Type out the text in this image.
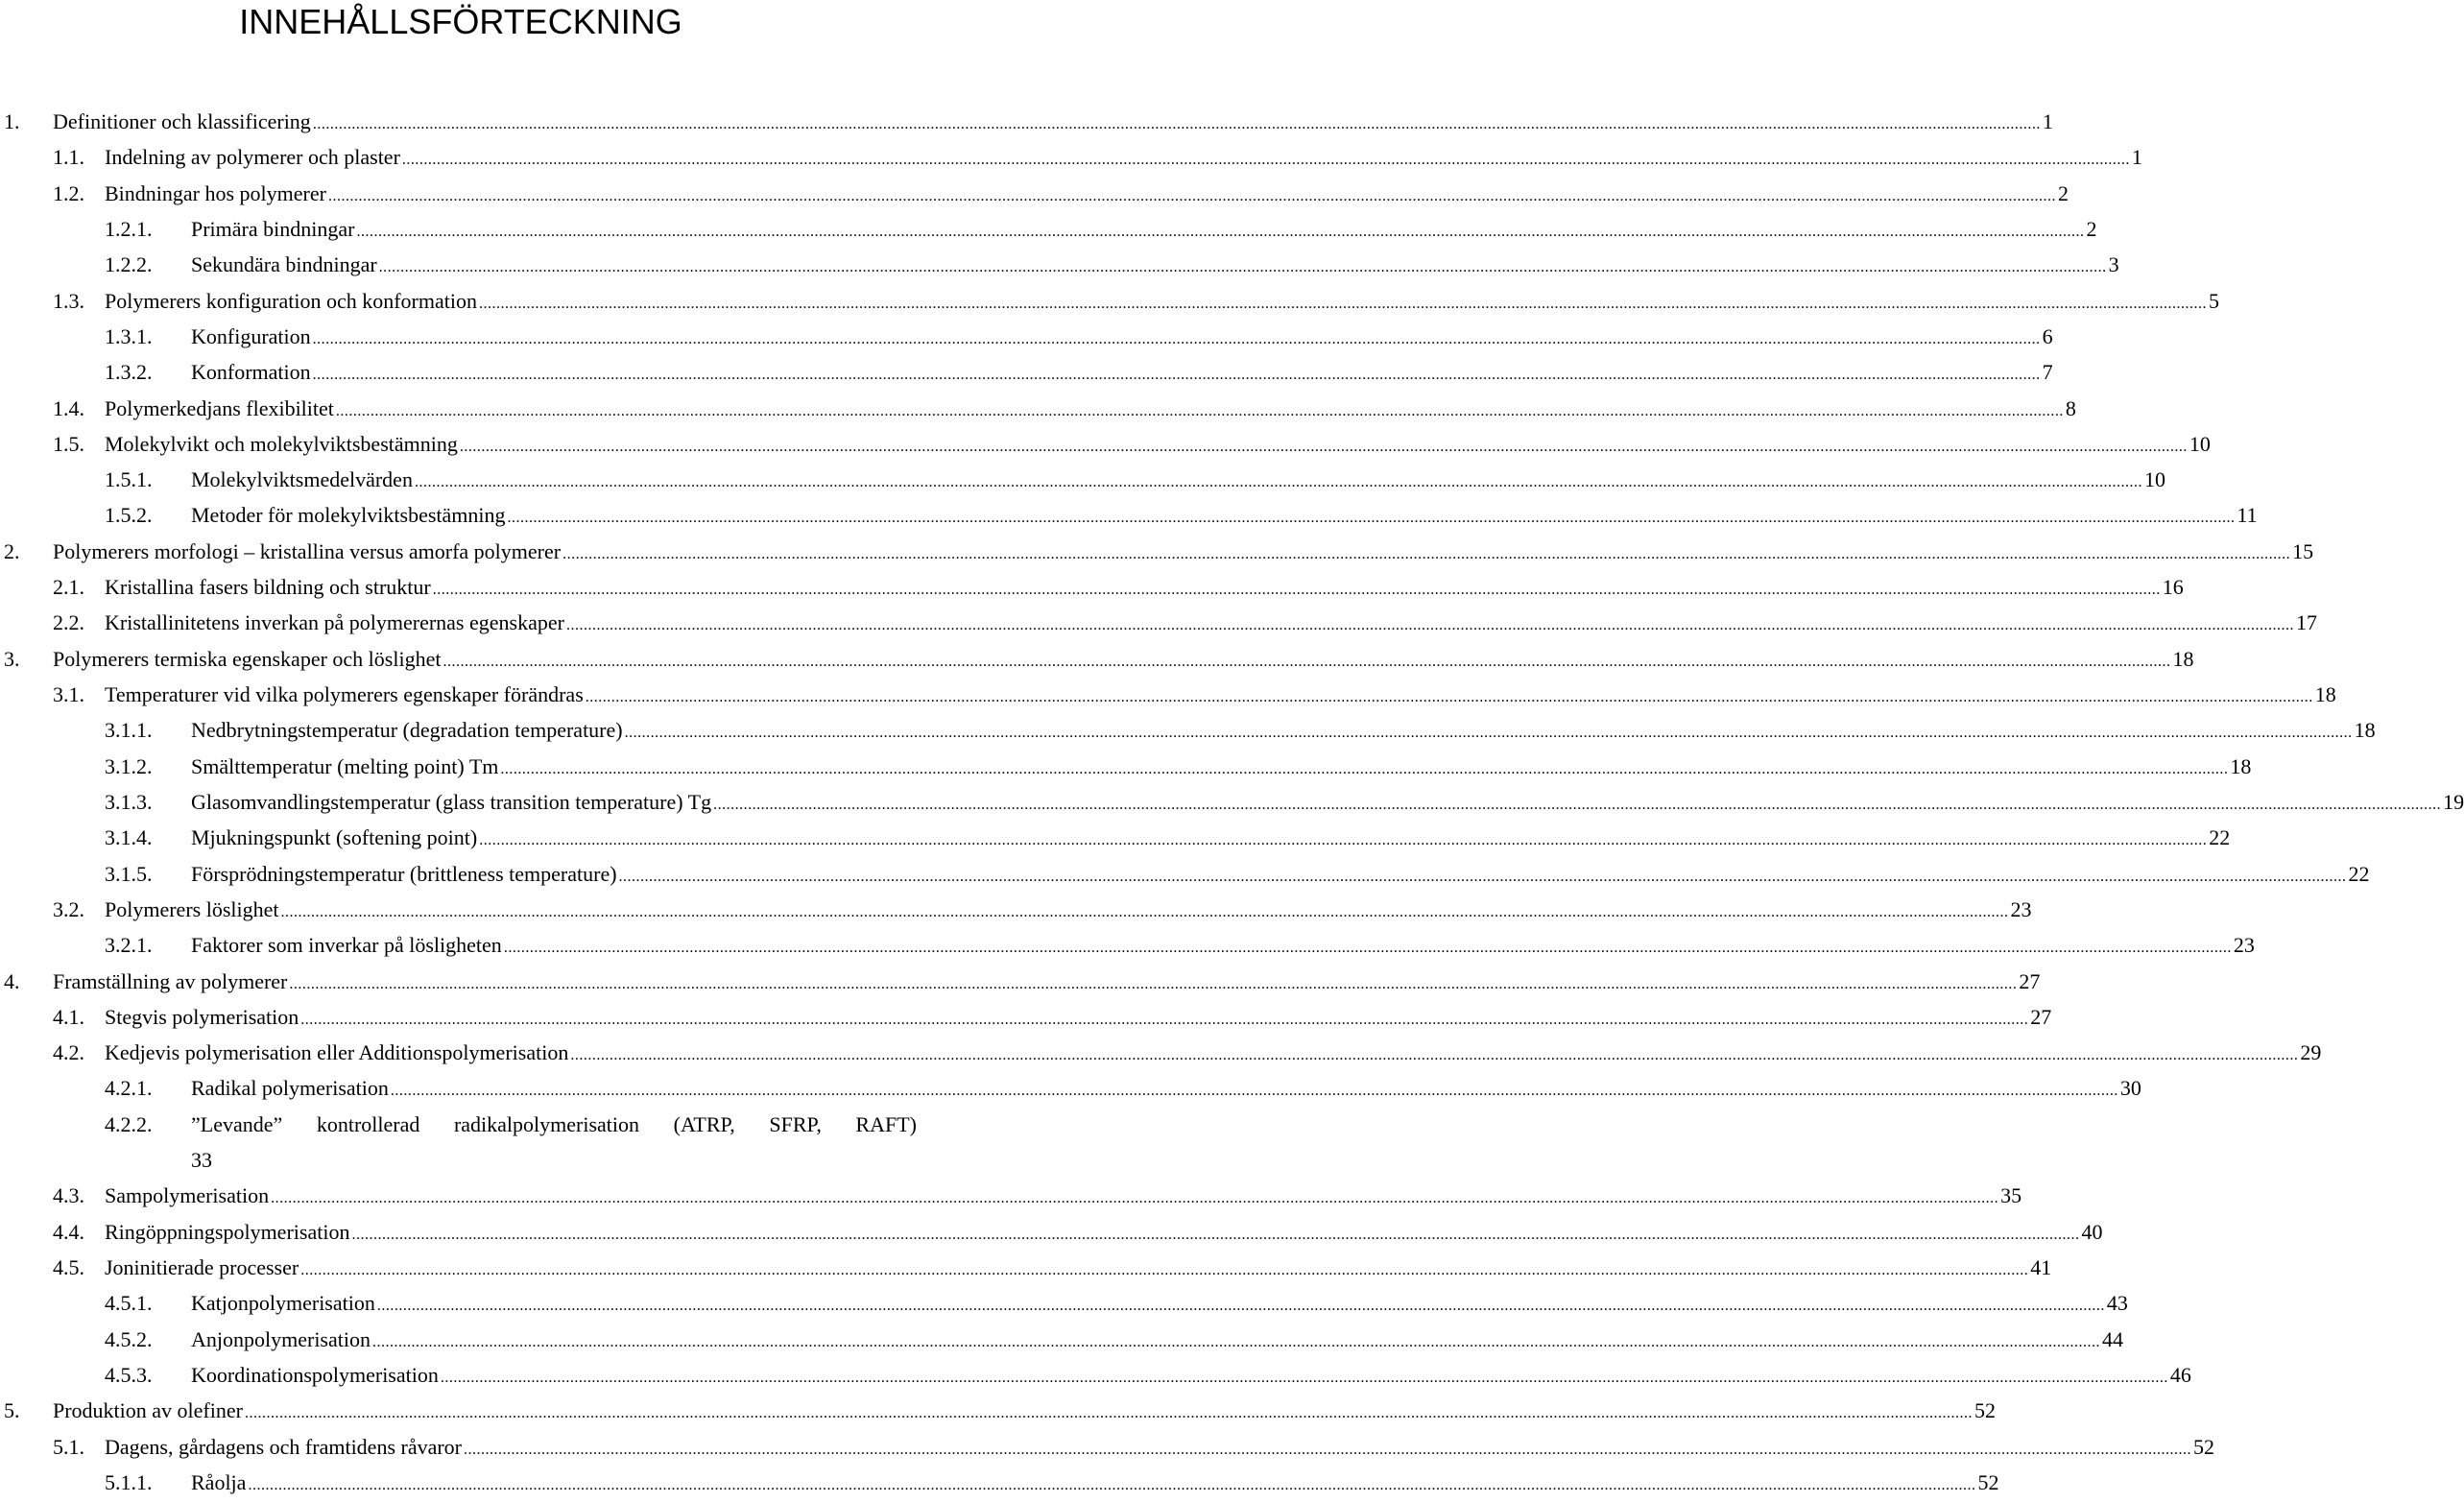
INNEHÅLLSFÖRTECKNING
1. Definitioner och klassificering ................................................................................................................................................................................................................................................................................................................................................................................................................ 1
1.1. Indelning av polymerer och plaster ................................................................................................................................................................................................................................................................................................................................................................................................................ 1
1.2. Bindningar hos polymerer ................................................................................................................................................................................................................................................................................................................................................................................................................ 2
1.2.1. Primära bindningar ................................................................................................................................................................................................................................................................................................................................................................................................................ 2
1.2.2. Sekundära bindningar ................................................................................................................................................................................................................................................................................................................................................................................................................ 3
1.3. Polymerers konfiguration och konformation ................................................................................................................................................................................................................................................................................................................................................................................................................ 5
1.3.1. Konfiguration ................................................................................................................................................................................................................................................................................................................................................................................................................ 6
1.3.2. Konformation ................................................................................................................................................................................................................................................................................................................................................................................................................ 7
1.4. Polymerkedjans flexibilitet ................................................................................................................................................................................................................................................................................................................................................................................................................ 8
1.5. Molekylvikt och molekylviktsbestämning ................................................................................................................................................................................................................................................................................................................................................................................................................ 10
1.5.1. Molekylviktsmedelvärden ................................................................................................................................................................................................................................................................................................................................................................................................................ 10
1.5.2. Metoder för molekylviktsbestämning ................................................................................................................................................................................................................................................................................................................................................................................................................ 11
2. Polymerers morfologi – kristallina versus amorfa polymerer ................................................................................................................................................................................................................................................................................................................................................................................................................ 15
2.1. Kristallina fasers bildning och struktur ................................................................................................................................................................................................................................................................................................................................................................................................................ 16
2.2. Kristallinitetens inverkan på polymerernas egenskaper ................................................................................................................................................................................................................................................................................................................................................................................................................ 17
3. Polymerers termiska egenskaper och löslighet ................................................................................................................................................................................................................................................................................................................................................................................................................ 18
3.1. Temperaturer vid vilka polymerers egenskaper förändras ................................................................................................................................................................................................................................................................................................................................................................................................................ 18
3.1.1. Nedbrytningstemperatur (degradation temperature) ................................................................................................................................................................................................................................................................................................................................................................................................................ 18
3.1.2. Smälttemperatur (melting point) Tm ................................................................................................................................................................................................................................................................................................................................................................................................................ 18
3.1.3. Glasomvandlingstemperatur (glass transition temperature) Tg ................................................................................................................................................................................................................................................................................................................................................................................................................ 19
3.1.4. Mjukningspunkt (softening point) ................................................................................................................................................................................................................................................................................................................................................................................................................ 22
3.1.5. Försprödningstemperatur (brittleness temperature) ................................................................................................................................................................................................................................................................................................................................................................................................................ 22
3.2. Polymerers löslighet ................................................................................................................................................................................................................................................................................................................................................................................................................ 23
3.2.1. Faktorer som inverkar på lösligheten ................................................................................................................................................................................................................................................................................................................................................................................................................ 23
4. Framställning av polymerer ................................................................................................................................................................................................................................................................................................................................................................................................................ 27
4.1. Stegvis polymerisation ................................................................................................................................................................................................................................................................................................................................................................................................................ 27
4.2. Kedjevis polymerisation eller Additionspolymerisation ................................................................................................................................................................................................................................................................................................................................................................................................................ 29
4.2.1. Radikal polymerisation ................................................................................................................................................................................................................................................................................................................................................................................................................ 30
4.2.2. ”Levande” kontrollerad radikalpolymerisation (ATRP, SFRP, RAFT)
33
4.3. Sampolymerisation ................................................................................................................................................................................................................................................................................................................................................................................................................ 35
4.4. Ringöppningspolymerisation ................................................................................................................................................................................................................................................................................................................................................................................................................ 40
4.5. Joninitierade processer ................................................................................................................................................................................................................................................................................................................................................................................................................ 41
4.5.1. Katjonpolymerisation ................................................................................................................................................................................................................................................................................................................................................................................................................ 43
4.5.2. Anjonpolymerisation ................................................................................................................................................................................................................................................................................................................................................................................................................ 44
4.5.3. Koordinationspolymerisation ................................................................................................................................................................................................................................................................................................................................................................................................................ 46
5. Produktion av olefiner ................................................................................................................................................................................................................................................................................................................................................................................................................ 52
5.1. Dagens, gårdagens och framtidens råvaror ................................................................................................................................................................................................................................................................................................................................................................................................................ 52
5.1.1. Råolja ................................................................................................................................................................................................................................................................................................................................................................................................................ 52
